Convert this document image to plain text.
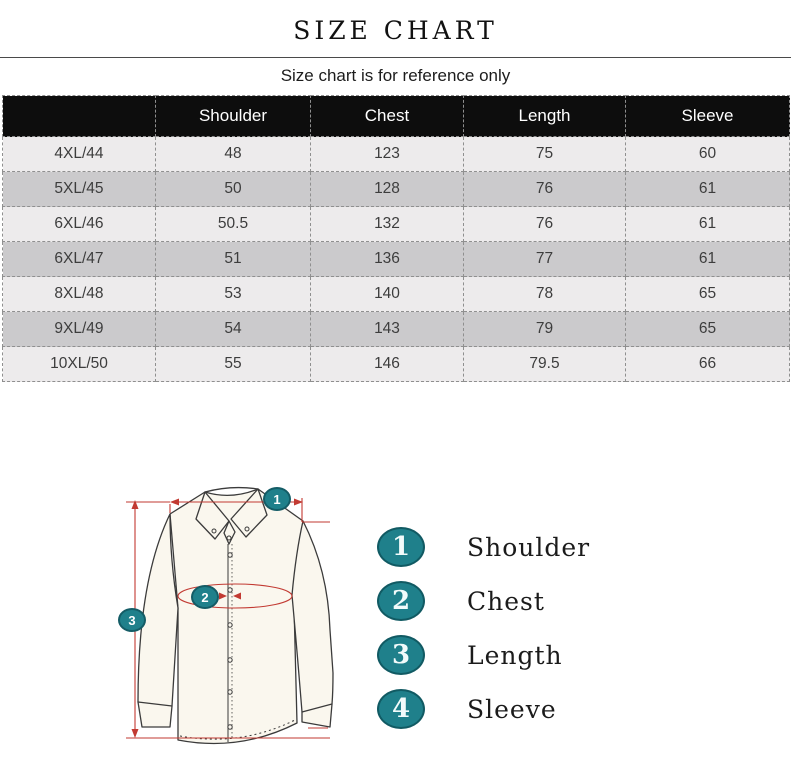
SIZE CHART
Size chart is for reference only
	Shoulder	Chest	Length	Sleeve
4XL/44	48	123	75	60
5XL/45	50	128	76	61
6XL/46	50.5	132	76	61
6XL/47	51	136	77	61
8XL/48	53	140	78	65
9XL/49	54	143	79	65
10XL/50	55	146	79.5	66
1
2
3
1	Shoulder
2	Chest
3	Length
4	Sleeve
